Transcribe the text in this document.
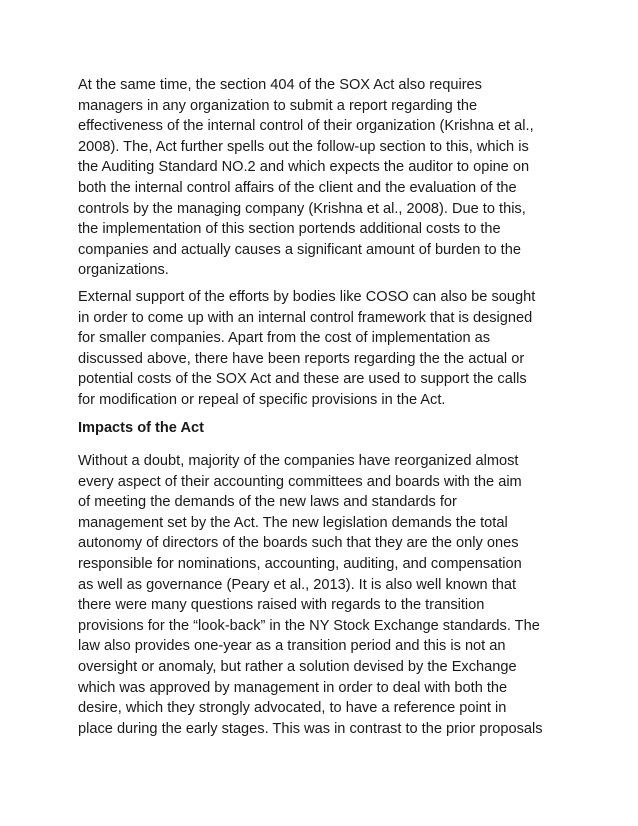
At the same time, the section 404 of the SOX Act also requires
managers in any organization to submit a report regarding the
effectiveness of the internal control of their organization (Krishna et al.,
2008). The, Act further spells out the follow-up section to this, which is
the Auditing Standard NO.2 and which expects the auditor to opine on
both the internal control affairs of the client and the evaluation of the
controls by the managing company (Krishna et al., 2008). Due to this,
the implementation of this section portends additional costs to the
companies and actually causes a significant amount of burden to the
organizations.

External support of the efforts by bodies like COSO can also be sought
in order to come up with an internal control framework that is designed
for smaller companies. Apart from the cost of implementation as
discussed above, there have been reports regarding the the actual or
potential costs of the SOX Act and these are used to support the calls
for modification or repeal of specific provisions in the Act.

Impacts of the Act

Without a doubt, majority of the companies have reorganized almost
every aspect of their accounting committees and boards with the aim
of meeting the demands of the new laws and standards for
management set by the Act. The new legislation demands the total
autonomy of directors of the boards such that they are the only ones
responsible for nominations, accounting, auditing, and compensation
as well as governance (Peary et al., 2013). It is also well known that
there were many questions raised with regards to the transition
provisions for the “look-back” in the NY Stock Exchange standards. The
law also provides one-year as a transition period and this is not an
oversight or anomaly, but rather a solution devised by the Exchange
which was approved by management in order to deal with both the
desire, which they strongly advocated, to have a reference point in
place during the early stages. This was in contrast to the prior proposals
